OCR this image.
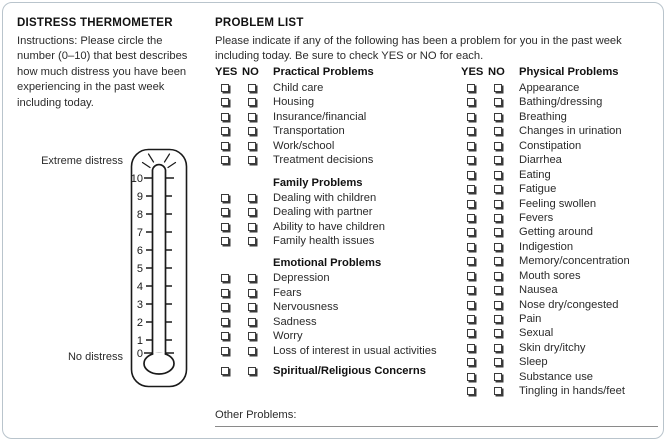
DISTRESS THERMOMETER
Instructions: Please circle the number (0–10) that best describes how much distress you have been experiencing in the past week including today.
Extreme distress
No distress
10
9
8
7
6
5
4
3
2
1
0
PROBLEM LIST
Please indicate if any of the following has been a problem for you in the past week including today. Be sure to check YES or NO for each.
YES NO Practical Problems
Child care
Housing
Insurance/financial
Transportation
Work/school
Treatment decisions
Family Problems
Dealing with children
Dealing with partner
Ability to have children
Family health issues
Emotional Problems
Depression
Fears
Nervousness
Sadness
Worry
Loss of interest in usual activities
Spiritual/Religious Concerns
YES NO Physical Problems
Appearance
Bathing/dressing
Breathing
Changes in urination
Constipation
Diarrhea
Eating
Fatigue
Feeling swollen
Fevers
Getting around
Indigestion
Memory/concentration
Mouth sores
Nausea
Nose dry/congested
Pain
Sexual
Skin dry/itchy
Sleep
Substance use
Tingling in hands/feet
Other Problems:
